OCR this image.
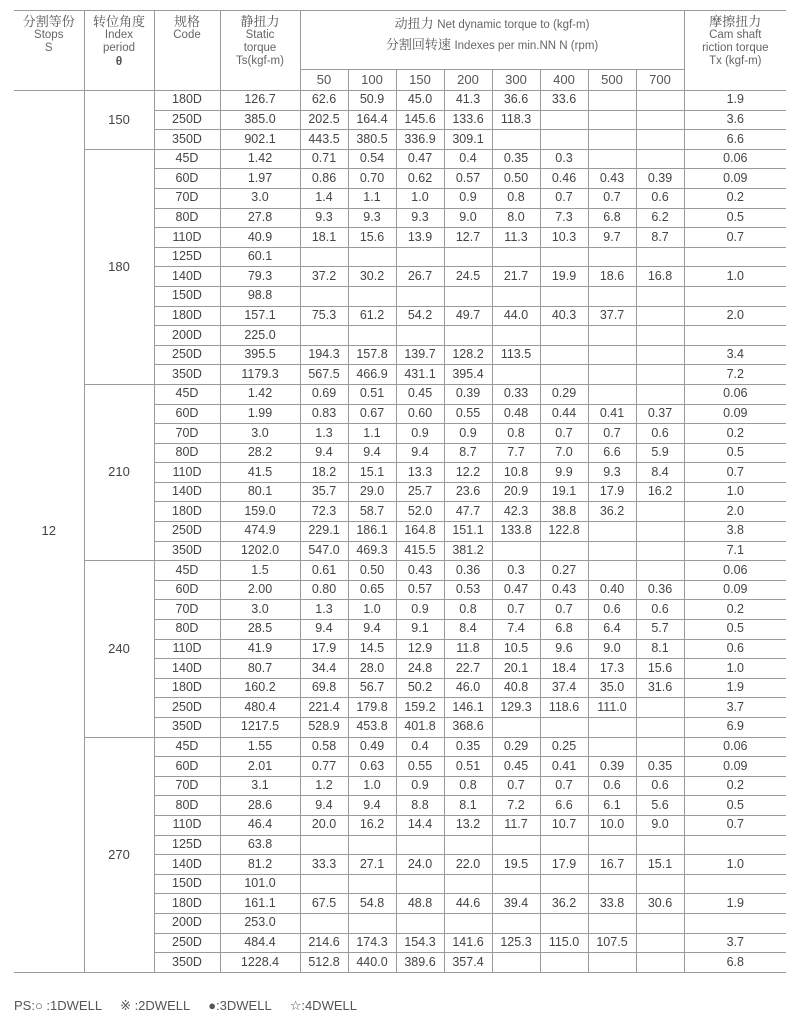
分割等份
Stops
S	转位角度
Index
period
θ	规格
Code	静扭力
Static
torque
Ts(kgf-m)	动扭力 Net dynamic torque to (kgf-m)
分割回转速 Indexes per min.NN N (rpm)								摩擦扭力
Cam shaft
riction torque
Tx (kgf-m)

				50	100	150	200	300	400	500	700	
12	150	180D	126.7	62.6	50.9	45.0	41.3	36.6	33.6			1.9
		250D	385.0	202.5	164.4	145.6	133.6	118.3				3.6
		350D	902.1	443.5	380.5	336.9	309.1					6.6
	180	45D	1.42	0.71	0.54	0.47	0.4	0.35	0.3			0.06
		60D	1.97	0.86	0.70	0.62	0.57	0.50	0.46	0.43	0.39	0.09
		70D	3.0	1.4	1.1	1.0	0.9	0.8	0.7	0.7	0.6	0.2
		80D	27.8	9.3	9.3	9.3	9.0	8.0	7.3	6.8	6.2	0.5
		110D	40.9	18.1	15.6	13.9	12.7	11.3	10.3	9.7	8.7	0.7
		125D	60.1									
		140D	79.3	37.2	30.2	26.7	24.5	21.7	19.9	18.6	16.8	1.0
		150D	98.8									
		180D	157.1	75.3	61.2	54.2	49.7	44.0	40.3	37.7		2.0
		200D	225.0									
		250D	395.5	194.3	157.8	139.7	128.2	113.5				3.4
		350D	1179.3	567.5	466.9	431.1	395.4					7.2
	210	45D	1.42	0.69	0.51	0.45	0.39	0.33	0.29			0.06
		60D	1.99	0.83	0.67	0.60	0.55	0.48	0.44	0.41	0.37	0.09
		70D	3.0	1.3	1.1	0.9	0.9	0.8	0.7	0.7	0.6	0.2
		80D	28.2	9.4	9.4	9.4	8.7	7.7	7.0	6.6	5.9	0.5
		110D	41.5	18.2	15.1	13.3	12.2	10.8	9.9	9.3	8.4	0.7
		140D	80.1	35.7	29.0	25.7	23.6	20.9	19.1	17.9	16.2	1.0
		180D	159.0	72.3	58.7	52.0	47.7	42.3	38.8	36.2		2.0
		250D	474.9	229.1	186.1	164.8	151.1	133.8	122.8			3.8
		350D	1202.0	547.0	469.3	415.5	381.2					7.1
	240	45D	1.5	0.61	0.50	0.43	0.36	0.3	0.27			0.06
		60D	2.00	0.80	0.65	0.57	0.53	0.47	0.43	0.40	0.36	0.09
		70D	3.0	1.3	1.0	0.9	0.8	0.7	0.7	0.6	0.6	0.2
		80D	28.5	9.4	9.4	9.1	8.4	7.4	6.8	6.4	5.7	0.5
		110D	41.9	17.9	14.5	12.9	11.8	10.5	9.6	9.0	8.1	0.6
		140D	80.7	34.4	28.0	24.8	22.7	20.1	18.4	17.3	15.6	1.0
		180D	160.2	69.8	56.7	50.2	46.0	40.8	37.4	35.0	31.6	1.9
		250D	480.4	221.4	179.8	159.2	146.1	129.3	118.6	111.0		3.7
		350D	1217.5	528.9	453.8	401.8	368.6					6.9
	270	45D	1.55	0.58	0.49	0.4	0.35	0.29	0.25			0.06
		60D	2.01	0.77	0.63	0.55	0.51	0.45	0.41	0.39	0.35	0.09
		70D	3.1	1.2	1.0	0.9	0.8	0.7	0.7	0.6	0.6	0.2
		80D	28.6	9.4	9.4	8.8	8.1	7.2	6.6	6.1	5.6	0.5
		110D	46.4	20.0	16.2	14.4	13.2	11.7	10.7	10.0	9.0	0.7
		125D	63.8									
		140D	81.2	33.3	27.1	24.0	22.0	19.5	17.9	16.7	15.1	1.0
		150D	101.0									
		180D	161.1	67.5	54.8	48.8	44.6	39.4	36.2	33.8	30.6	1.9
		200D	253.0									
		250D	484.4	214.6	174.3	154.3	141.6	125.3	115.0	107.5		3.7
		350D	1228.4	512.8	440.0	389.6	357.4					6.8
PS:○ :1DWELL ※ :2DWELL ●:3DWELL ☆:4DWELL
